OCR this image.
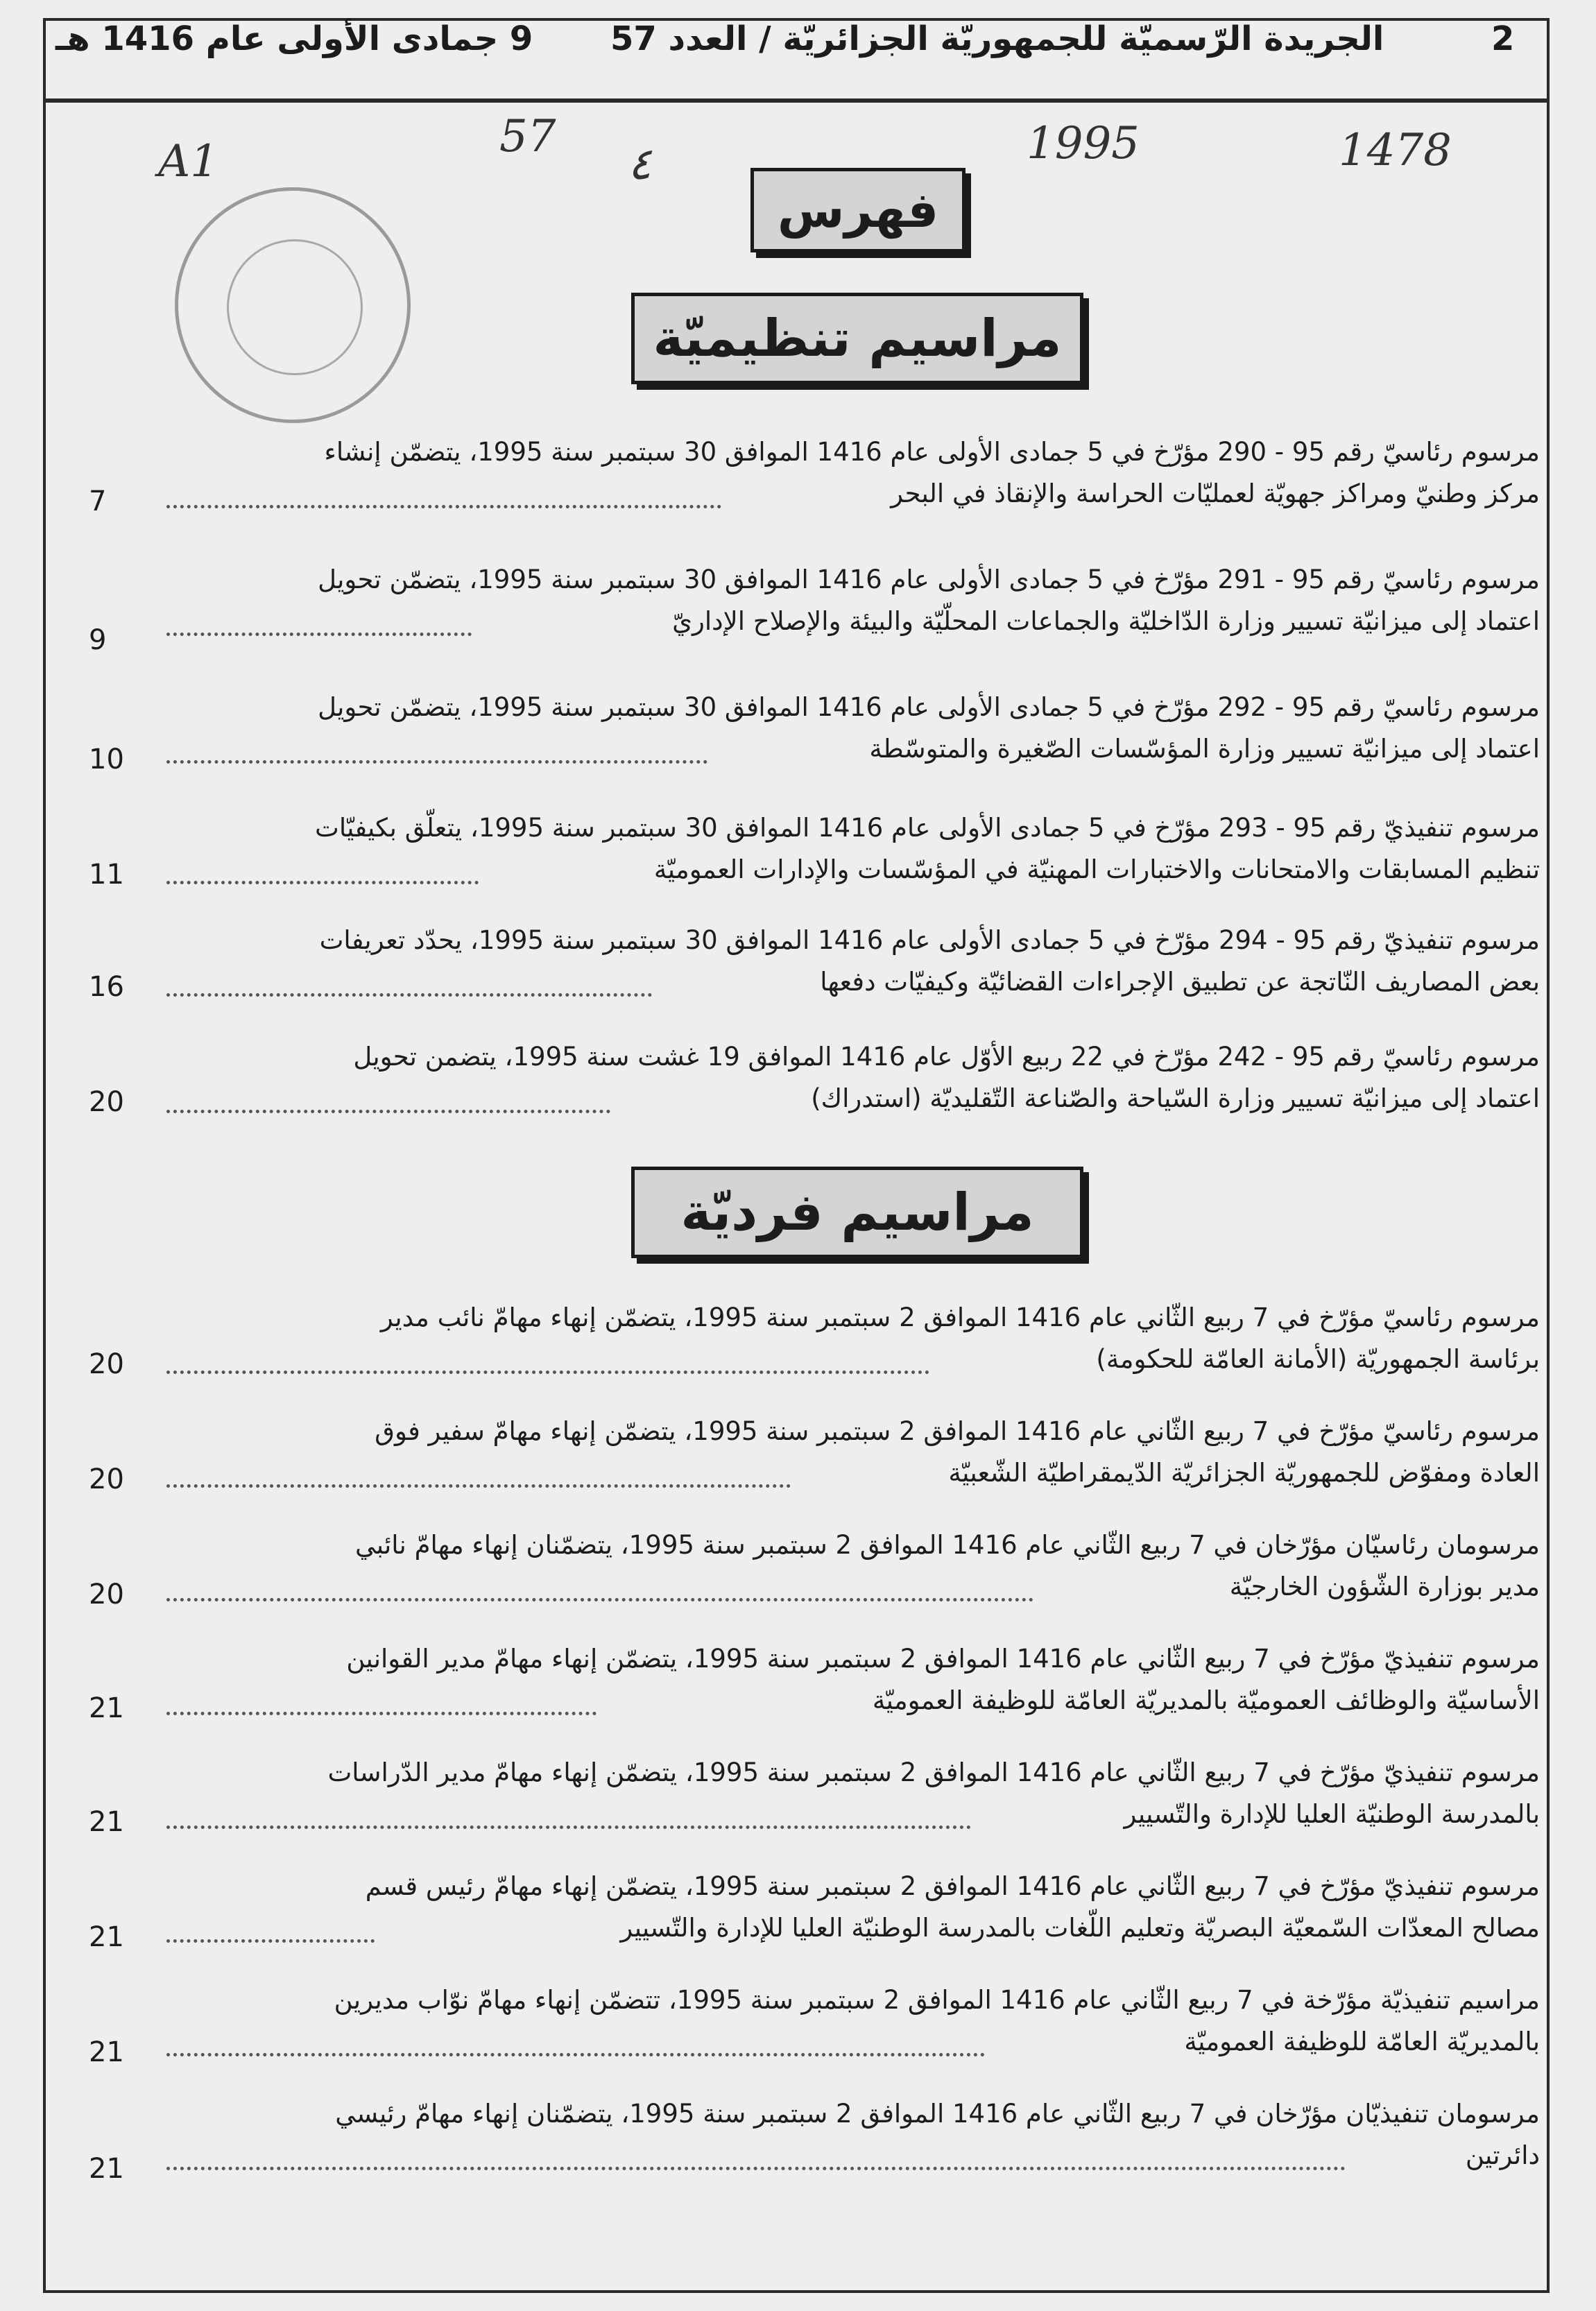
2
الجريدة الرّسميّة للجمهوريّة الجزائريّة / العدد 57
9 جمادى الأولى عام 1416 هـ
A1	57
٤	1995	1478
فهرس
مراسيم تنظيميّة
مراسيم فرديّة
مرسوم رئاسيّ رقم 95 - 290 مؤرّخ في 5 جمادى الأولى عام 1416 الموافق 30 سبتمبر سنة 1995، يتضمّن إنشاء
مركز وطنيّ ومراكز جهويّة لعمليّات الحراسة والإنقاذ في البحر
7
مرسوم رئاسيّ رقم 95 - 291 مؤرّخ في 5 جمادى الأولى عام 1416 الموافق 30 سبتمبر سنة 1995، يتضمّن تحويل
اعتماد إلى ميزانيّة تسيير وزارة الدّاخليّة والجماعات المحلّيّة والبيئة والإصلاح الإداريّ
9
مرسوم رئاسيّ رقم 95 - 292 مؤرّخ في 5 جمادى الأولى عام 1416 الموافق 30 سبتمبر سنة 1995، يتضمّن تحويل
اعتماد إلى ميزانيّة تسيير وزارة المؤسّسات الصّغيرة والمتوسّطة
10
مرسوم تنفيذيّ رقم 95 - 293 مؤرّخ في 5 جمادى الأولى عام 1416 الموافق 30 سبتمبر سنة 1995، يتعلّق بكيفيّات
تنظيم المسابقات والامتحانات والاختبارات المهنيّة في المؤسّسات والإدارات العموميّة
11
مرسوم تنفيذيّ رقم 95 - 294 مؤرّخ في 5 جمادى الأولى عام 1416 الموافق 30 سبتمبر سنة 1995، يحدّد تعريفات
بعض المصاريف النّاتجة عن تطبيق الإجراءات القضائيّة وكيفيّات دفعها
16
مرسوم رئاسيّ رقم 95 - 242 مؤرّخ في 22 ربيع الأوّل عام 1416 الموافق 19 غشت سنة 1995، يتضمن تحويل
اعتماد إلى ميزانيّة تسيير وزارة السّياحة والصّناعة التّقليديّة (استدراك)
20
مرسوم رئاسيّ مؤرّخ في 7 ربيع الثّاني عام 1416 الموافق 2 سبتمبر سنة 1995، يتضمّن إنهاء مهامّ نائب مدير
برئاسة الجمهوريّة (الأمانة العامّة للحكومة)
20
مرسوم رئاسيّ مؤرّخ في 7 ربيع الثّاني عام 1416 الموافق 2 سبتمبر سنة 1995، يتضمّن إنهاء مهامّ سفير فوق
العادة ومفوّض للجمهوريّة الجزائريّة الدّيمقراطيّة الشّعبيّة
20
مرسومان رئاسيّان مؤرّخان في 7 ربيع الثّاني عام 1416 الموافق 2 سبتمبر سنة 1995، يتضمّنان إنهاء مهامّ نائبي
مدير بوزارة الشّؤون الخارجيّة
20
مرسوم تنفيذيّ مؤرّخ في 7 ربيع الثّاني عام 1416 الموافق 2 سبتمبر سنة 1995، يتضمّن إنهاء مهامّ مدير القوانين
الأساسيّة والوظائف العموميّة بالمديريّة العامّة للوظيفة العموميّة
21
مرسوم تنفيذيّ مؤرّخ في 7 ربيع الثّاني عام 1416 الموافق 2 سبتمبر سنة 1995، يتضمّن إنهاء مهامّ مدير الدّراسات
بالمدرسة الوطنيّة العليا للإدارة والتّسيير
21
مرسوم تنفيذيّ مؤرّخ في 7 ربيع الثّاني عام 1416 الموافق 2 سبتمبر سنة 1995، يتضمّن إنهاء مهامّ رئيس قسم
مصالح المعدّات السّمعيّة البصريّة وتعليم اللّغات بالمدرسة الوطنيّة العليا للإدارة والتّسيير
21
مراسيم تنفيذيّة مؤرّخة في 7 ربيع الثّاني عام 1416 الموافق 2 سبتمبر سنة 1995، تتضمّن إنهاء مهامّ نوّاب مديرين
بالمديريّة العامّة للوظيفة العموميّة
21
مرسومان تنفيذيّان مؤرّخان في 7 ربيع الثّاني عام 1416 الموافق 2 سبتمبر سنة 1995، يتضمّنان إنهاء مهامّ رئيسي
دائرتين
21
